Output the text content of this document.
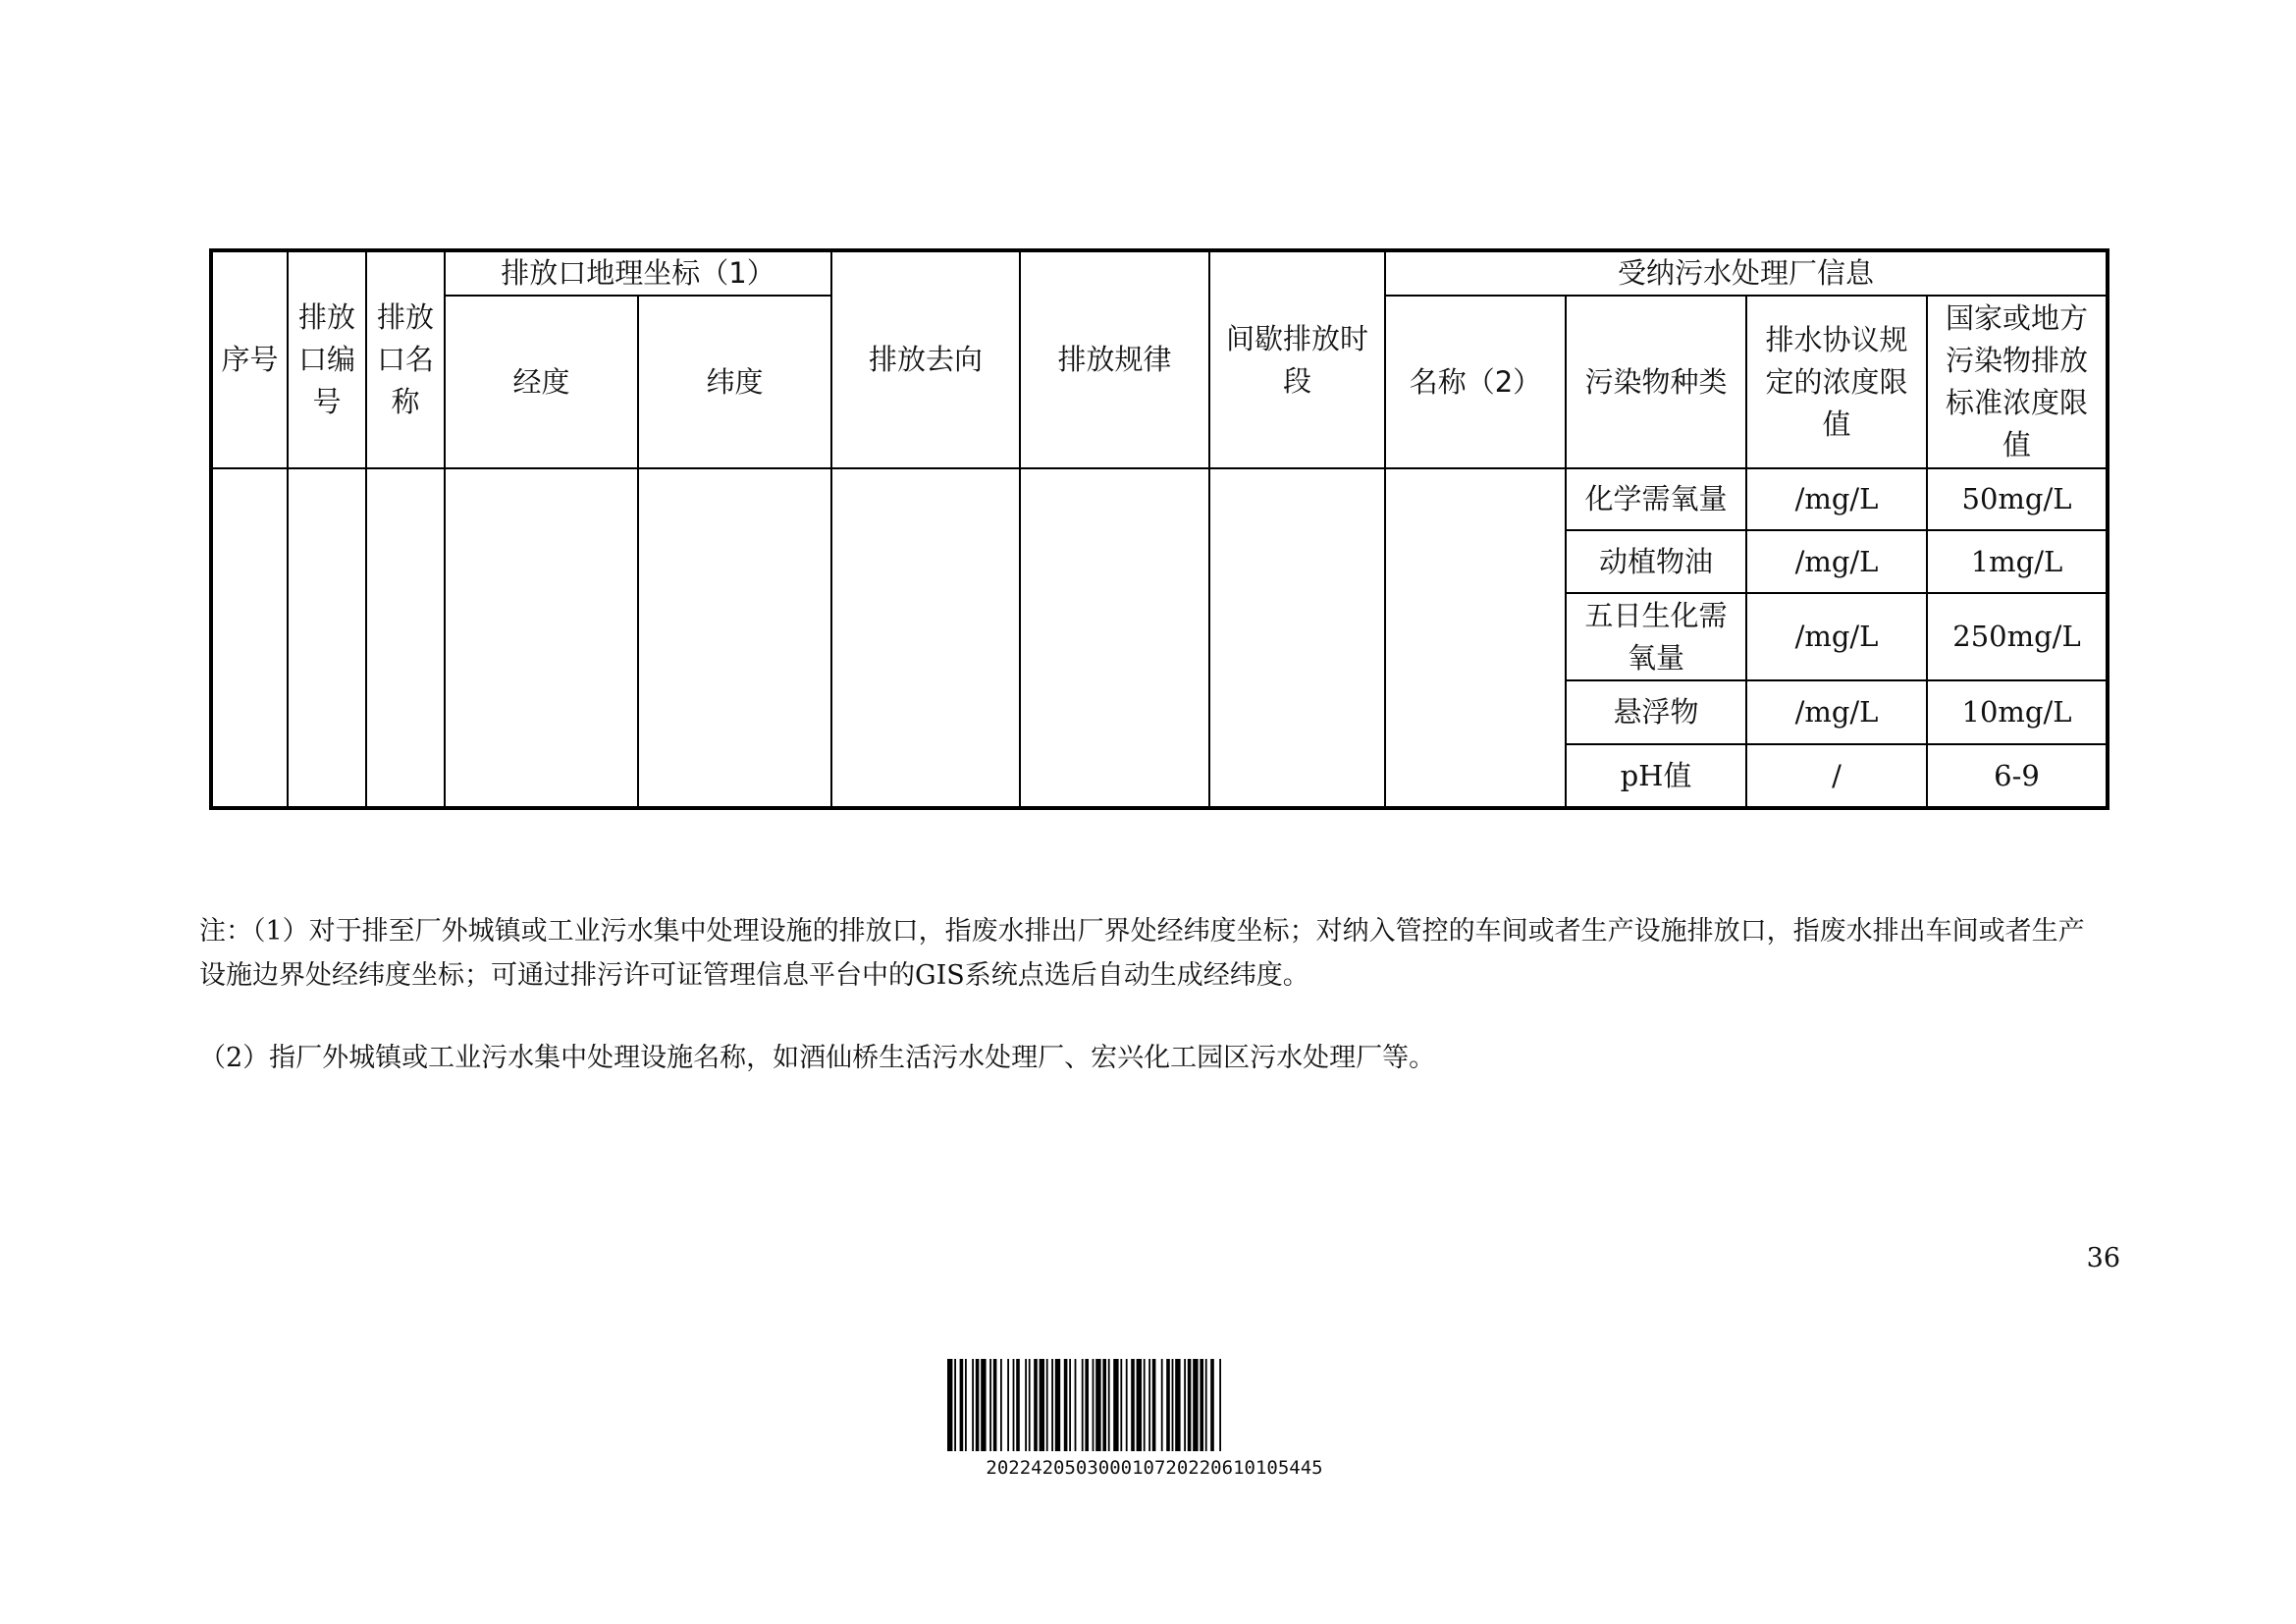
序号	排放口编号	排放口名称	排放口地理坐标（1）		排放去向	排放规律	间歇排放时段	受纳污水处理厂信息			
			经度	纬度				名称（2）	污染物种类	排水协议规定的浓度限值	国家或地方污染物排放标准浓度限值
									化学需氧量	/mg/L	50mg/L
									动植物油	/mg/L	1mg/L
									五日生化需氧量	/mg/L	250mg/L
									悬浮物	/mg/L	10mg/L
									pH值	/	6-9
注：（1）对于排至厂外城镇或工业污水集中处理设施的排放口，指废水排出厂界处经纬度坐标；对纳入管控的车间或者生产设施排放口，指废水排出车间或者生产设施边界处经纬度坐标；可通过排污许可证管理信息平台中的GIS系统点选后自动生成经纬度。
（2）指厂外城镇或工业污水集中处理设施名称，如酒仙桥生活污水处理厂、宏兴化工园区污水处理厂等。
36
20224205030001072022061010544​5
